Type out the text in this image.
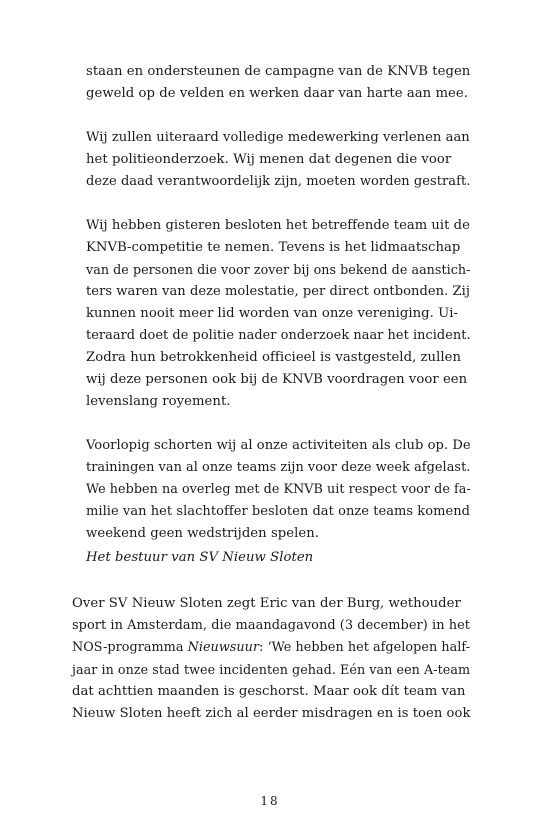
staan en ondersteunen de campagne van de KNVB tegen
geweld op de velden en werken daar van harte aan mee.
Wij zullen uiteraard volledige medewerking verlenen aan
het politieonderzoek. Wij menen dat degenen die voor
deze daad verantwoordelijk zijn, moeten worden gestraft.
Wij hebben gisteren besloten het betreffende team uit de
KNVB-competitie te nemen. Tevens is het lidmaatschap
van de personen die voor zover bij ons bekend de aanstich-
ters waren van deze molestatie, per direct ontbonden. Zij
kunnen nooit meer lid worden van onze vereniging. Ui-
teraard doet de politie nader onderzoek naar het incident.
Zodra hun betrokkenheid officieel is vastgesteld, zullen
wij deze personen ook bij de KNVB voordragen voor een
levenslang royement.
Voorlopig schorten wij al onze activiteiten als club op. De
trainingen van al onze teams zijn voor deze week afgelast.
We hebben na overleg met de KNVB uit respect voor de fa-
milie van het slachtoffer besloten dat onze teams komend
weekend geen wedstrijden spelen.
Het bestuur van SV Nieuw Sloten
Over SV Nieuw Sloten zegt Eric van der Burg, wethouder
sport in Amsterdam, die maandagavond (3 december) in het
NOS-programma Nieuwsuur: ‘We hebben het afgelopen half-
jaar in onze stad twee incidenten gehad. Eén van een A-team
dat achttien maanden is geschorst. Maar ook dít team van
Nieuw Sloten heeft zich al eerder misdragen en is toen ook
18
